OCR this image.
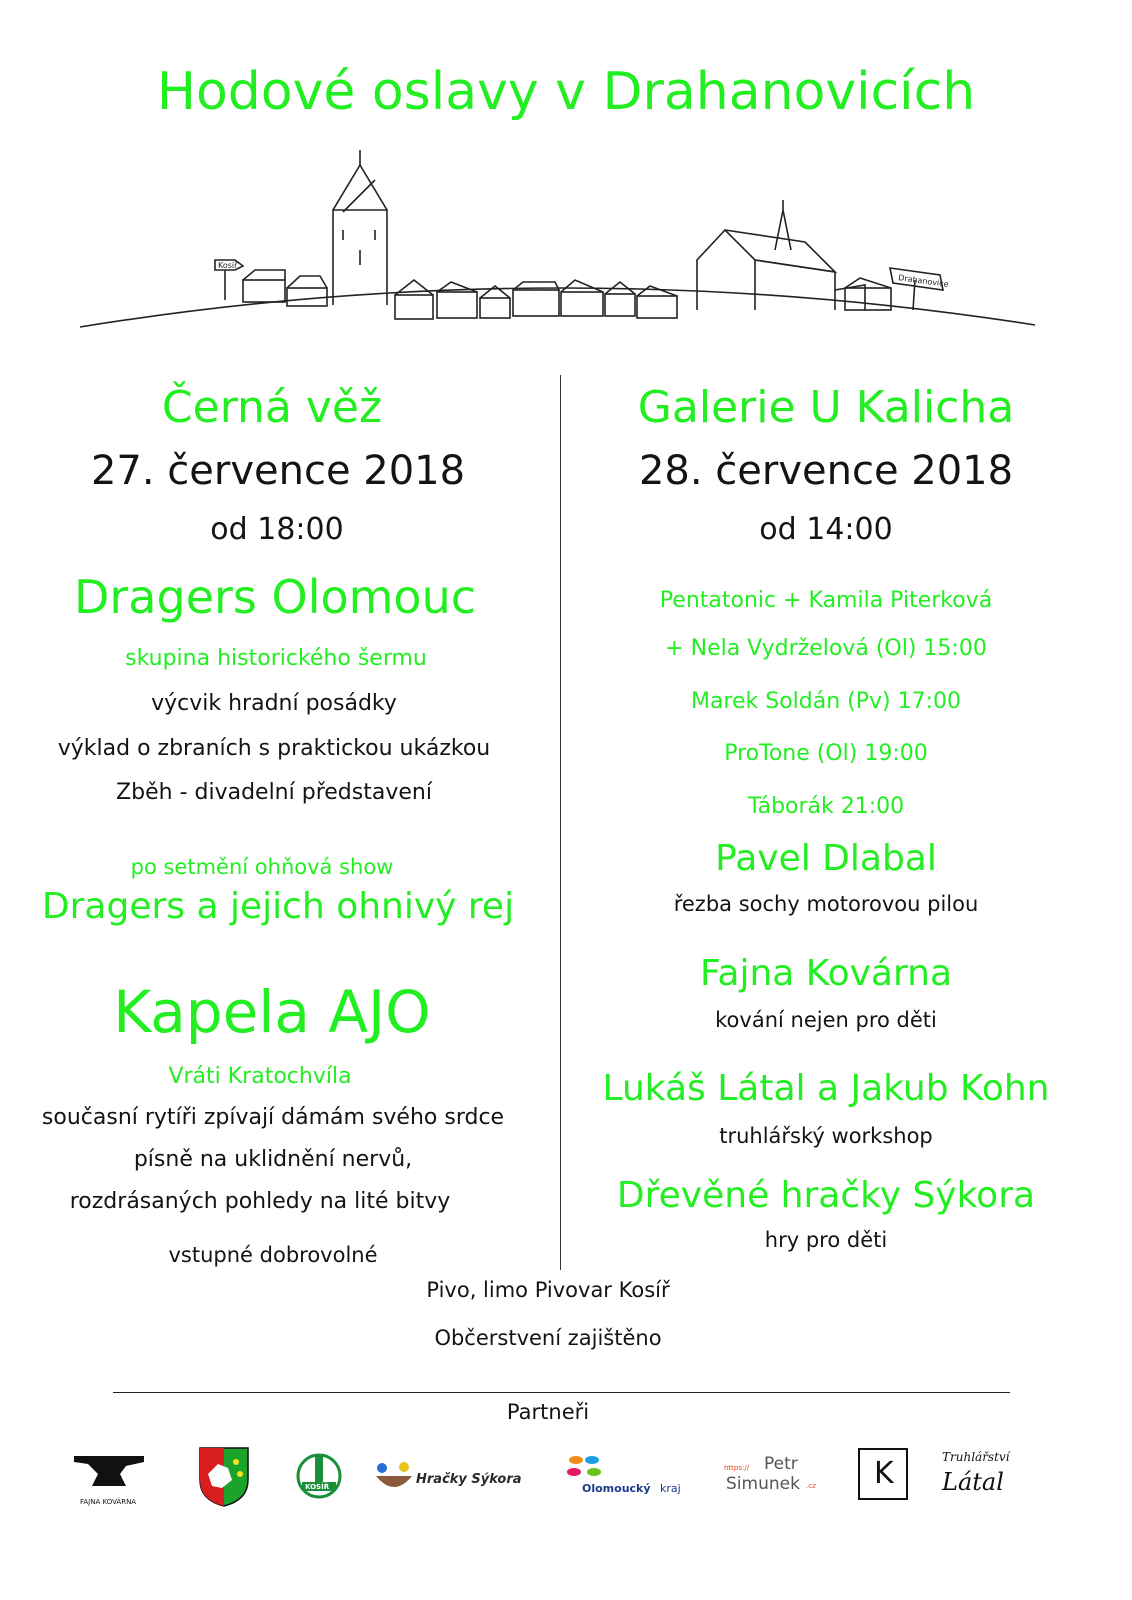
Hodové oslavy v Drahanovicích
Kosíř
Drahanovice
Černá věž
27. července 2018
od 18:00
Dragers Olomouc
skupina historického šermu
výcvik hradní posádky
výklad o zbraních s praktickou ukázkou
Zběh - divadelní představení
po setmění ohňová show
Dragers a jejich ohnivý rej
Kapela AJO
Vráti Kratochvíla
současní rytíři zpívají dámám svého srdce
písně na uklidnění nervů,
rozdrásaných pohledy na lité bitvy
vstupné dobrovolné
Galerie U Kalicha
28. července 2018
od 14:00
Pentatonic + Kamila Piterková
+ Nela Vydrželová (Ol) 15:00
Marek Soldán (Pv) 17:00
ProTone (Ol) 19:00
Táborák 21:00
Pavel Dlabal
řezba sochy motorovou pilou
Fajna Kovárna
kování nejen pro děti
Lukáš Látal a Jakub Kohn
truhlářský workshop
Dřevěné hračky Sýkora
hry pro děti
Pivo, limo Pivovar Kosíř
Občerstvení zajištěno
Partneři
FAJNA KOVÁRNA
KOSÍŘ	Hračky Sýkora
Olomoucký kraj
https:// Petr
Simunek .cz K	Truhlářství
Látal
